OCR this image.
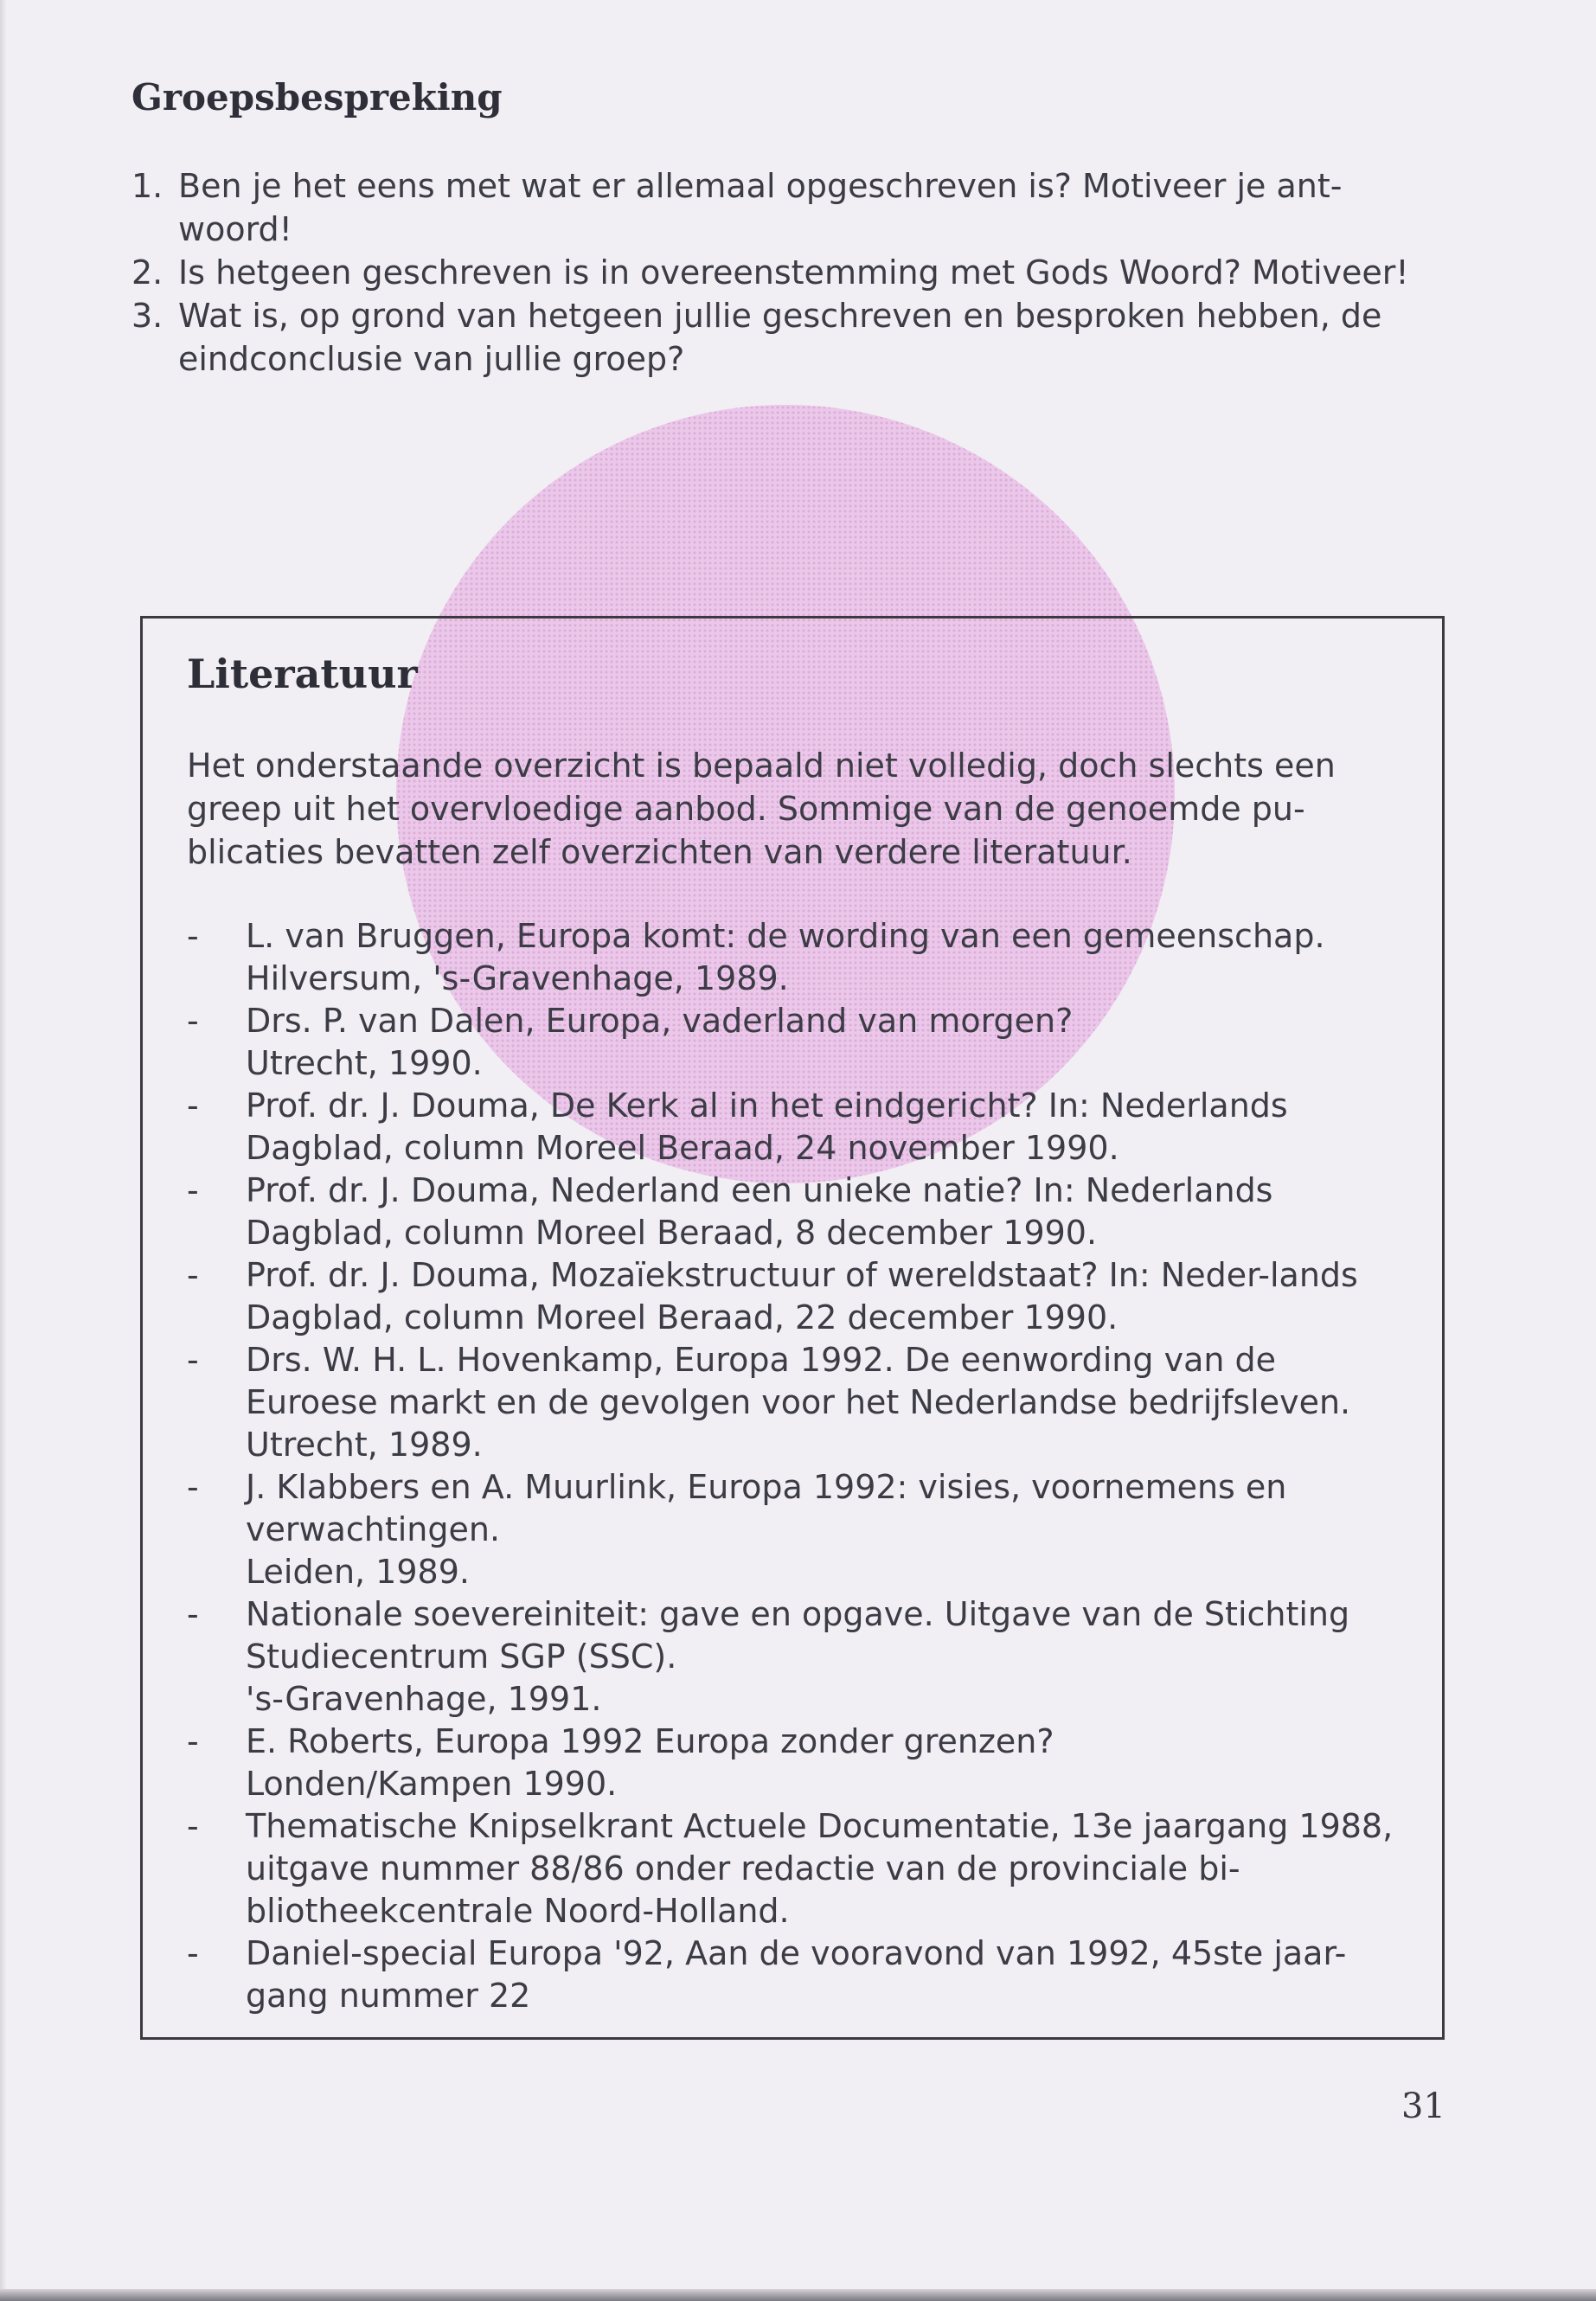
Groepsbespreking
1. Ben je het eens met wat er allemaal opgeschreven is? Motiveer je ant-woord!
2. Is hetgeen geschreven is in overeenstemming met Gods Woord? Motiveer!
3. Wat is, op grond van hetgeen jullie geschreven en besproken hebben, de eindconclusie van jullie groep?
Literatuur

Het onderstaande overzicht is bepaald niet volledig, doch slechts een greep uit het overvloedige aanbod. Sommige van de genoemde pu-blicaties bevatten zelf overzichten van verdere literatuur.

- L. van Bruggen, Europa komt: de wording van een gemeenschap.
Hilversum, 's-Gravenhage, 1989.
- Drs. P. van Dalen, Europa, vaderland van morgen?
Utrecht, 1990.
- Prof. dr. J. Douma, De Kerk al in het eindgericht? In: Nederlands Dagblad, column Moreel Beraad, 24 november 1990.
- Prof. dr. J. Douma, Nederland een unieke natie? In: Nederlands Dagblad, column Moreel Beraad, 8 december 1990.
- Prof. dr. J. Douma, Mozaïekstructuur of wereldstaat? In: Neder-lands Dagblad, column Moreel Beraad, 22 december 1990.
- Drs. W. H. L. Hovenkamp, Europa 1992. De eenwording van de Euroese markt en de gevolgen voor het Nederlandse bedrijfsleven.
Utrecht, 1989.
- J. Klabbers en A. Muurlink, Europa 1992: visies, voornemens en verwachtingen.
Leiden, 1989.
- Nationale soevereiniteit: gave en opgave. Uitgave van de Stichting Studiecentrum SGP (SSC).
's-Gravenhage, 1991.
- E. Roberts, Europa 1992 Europa zonder grenzen?
Londen/Kampen 1990.
- Thematische Knipselkrant Actuele Documentatie, 13e jaargang 1988, uitgave nummer 88/86 onder redactie van de provinciale bi-bliotheekcentrale Noord-Holland.
- Daniel-special Europa '92, Aan de vooravond van 1992, 45ste jaar-gang nummer 22

31
